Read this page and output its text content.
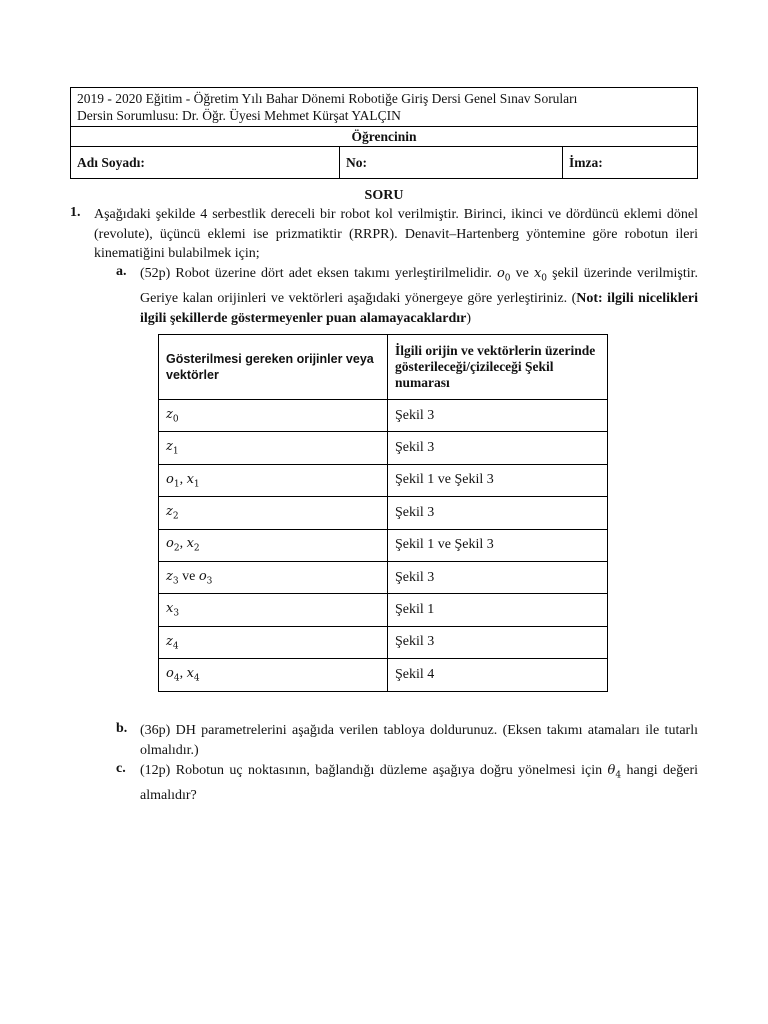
2019 - 2020 Eğitim - Öğretim Yılı Bahar Dönemi Robotiğe Giriş Dersi Genel Sınav Soruları
Dersin Sorumlusu: Dr. Öğr. Üyesi Mehmet Kürşat YALÇIN

Öğrencinin
Adı Soyadı:	No:	İmza:
SORU
1. Aşağıdaki şekilde 4 serbestlik dereceli bir robot kol verilmiştir. Birinci, ikinci ve dördüncü eklemi dönel (revolute), üçüncü eklemi ise prizmatiktir (RRPR). Denavit–Hartenberg yöntemine göre robotun ileri kinematiğini bulabilmek için;
a. (52p) Robot üzerine dört adet eksen takımı yerleştirilmelidir. $o_0$ ve $x_0$ şekil üzerinde verilmiştir. Geriye kalan orijinleri ve vektörleri aşağıdaki yönergeye göre yerleştiriniz. (Not: ilgili nicelikleri ilgili şekillerde göstermeyenler puan alamayacaklardır)
Gösterilmesi gereken orijinler veya vektörler	İlgili orijin ve vektörlerin üzerinde gösterileceği/çizileceği Şekil numarası
$z_0$	Şekil 3
$z_1$	Şekil 3
$o_1$, $x_1$	Şekil 1 ve Şekil 3
$z_2$	Şekil 3
$o_2$, $x_2$	Şekil 1 ve Şekil 3
$z_3$ ve $o_3$	Şekil 3
$x_3$	Şekil 1
$z_4$	Şekil 3
$o_4$, $x_4$	Şekil 4
b. (36p) DH parametrelerini aşağıda verilen tabloya doldurunuz. (Eksen takımı atamaları ile tutarlı olmalıdır.)
c. (12p) Robotun uç noktasının, bağlandığı düzleme aşağıya doğru yönelmesi için $\theta_4$ hangi değeri almalıdır?
